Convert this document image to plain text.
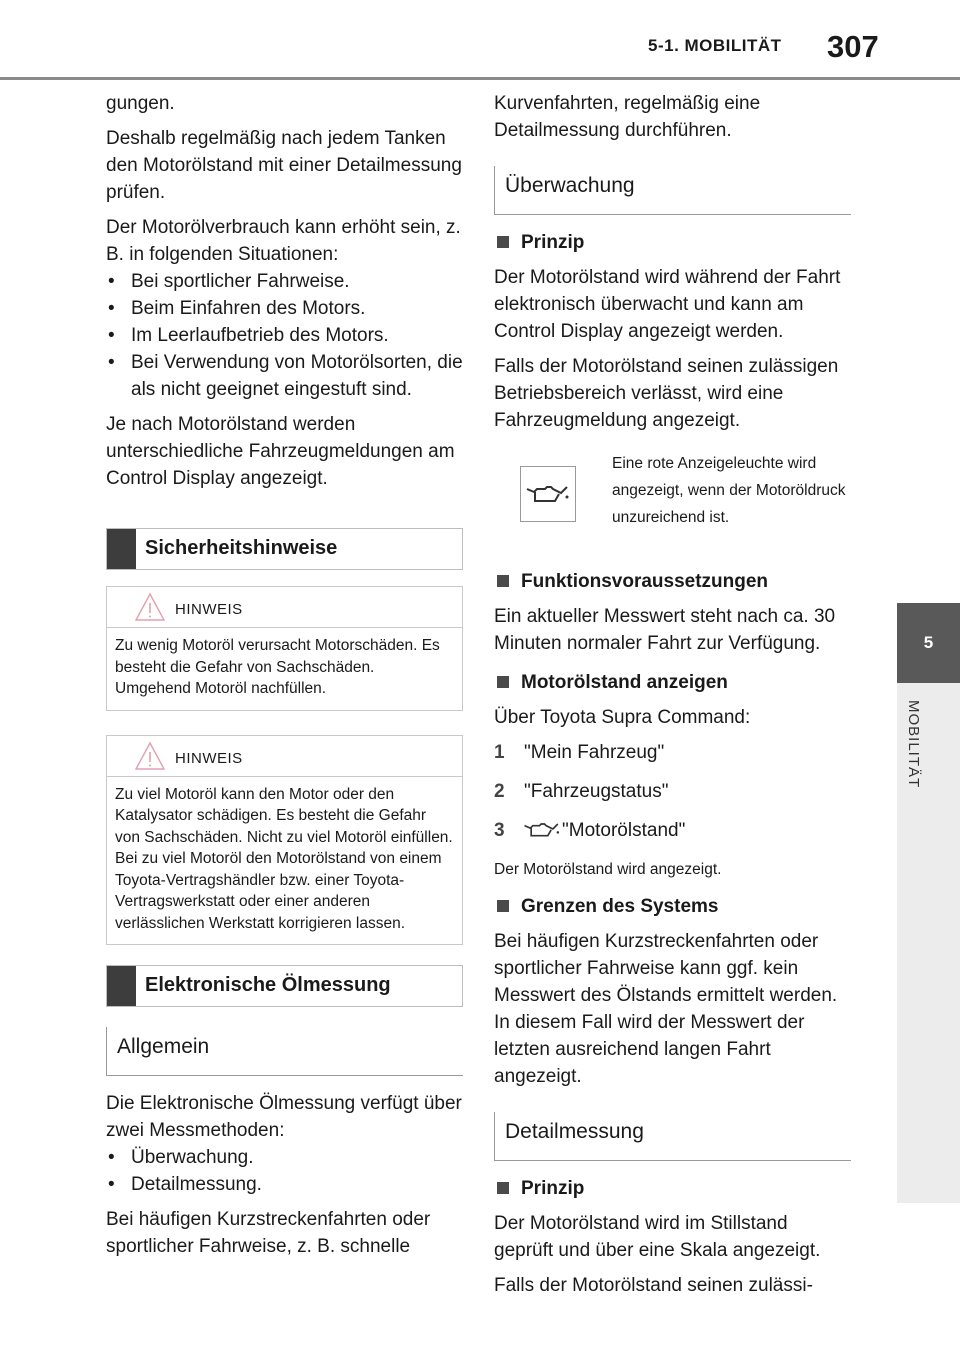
5-1. MOBILITÄT 307
5
MOBILITÄT

gungen.

Deshalb regelmäßig nach jedem Tanken den Motorölstand mit einer Detailmessung prüfen.

Der Motorölverbrauch kann erhöht sein, z. B. in folgenden Situationen:

• Bei sportlicher Fahrweise.
• Beim Einfahren des Motors.
• Im Leerlaufbetrieb des Motors.
• Bei Verwendung von Motorölsorten, die als nicht geeignet eingestuft sind.

Je nach Motorölstand werden unterschiedliche Fahrzeugmeldungen am Control Display angezeigt.

Sicherheitshinweise
HINWEIS
Zu wenig Motoröl verursacht Motorschäden. Es besteht die Gefahr von Sachschäden. Umgehend Motoröl nachfüllen.
HINWEIS
Zu viel Motoröl kann den Motor oder den Katalysator schädigen. Es besteht die Gefahr von Sachschäden. Nicht zu viel Motoröl einfüllen. Bei zu viel Motoröl den Motorölstand von einem Toyota-Vertragshändler bzw. einer Toyota-Vertragswerkstatt oder einer anderen verlässlichen Werkstatt korrigieren lassen.
Elektronische Ölmessung
Allgemein

Die Elektronische Ölmessung verfügt über zwei Messmethoden:

• Überwachung.
• Detailmessung.

Bei häufigen Kurzstreckenfahrten oder sportlicher Fahrweise, z. B. schnelle

Kurvenfahrten, regelmäßig eine Detailmessung durchführen.

Überwachung
Prinzip

Der Motorölstand wird während der Fahrt elektronisch überwacht und kann am Control Display angezeigt werden.

Falls der Motorölstand seinen zulässigen Betriebsbereich verlässt, wird eine Fahrzeugmeldung angezeigt.

Eine rote Anzeigeleuchte wird angezeigt, wenn der Motoröldruck unzureichend ist.
Funktionsvoraussetzungen

Ein aktueller Messwert steht nach ca. 30 Minuten normaler Fahrt zur Verfügung.

Motorölstand anzeigen

Über Toyota Supra Command:

1 "Mein Fahrzeug"
2 "Fahrzeugstatus"
3	"Motorölstand"

Der Motorölstand wird angezeigt.

Grenzen des Systems

Bei häufigen Kurzstreckenfahrten oder sportlicher Fahrweise kann ggf. kein Messwert des Ölstands ermittelt werden. In diesem Fall wird der Messwert der letzten ausreichend langen Fahrt angezeigt.

Detailmessung
Prinzip

Der Motorölstand wird im Stillstand geprüft und über eine Skala angezeigt.

Falls der Motorölstand seinen zulässi-
